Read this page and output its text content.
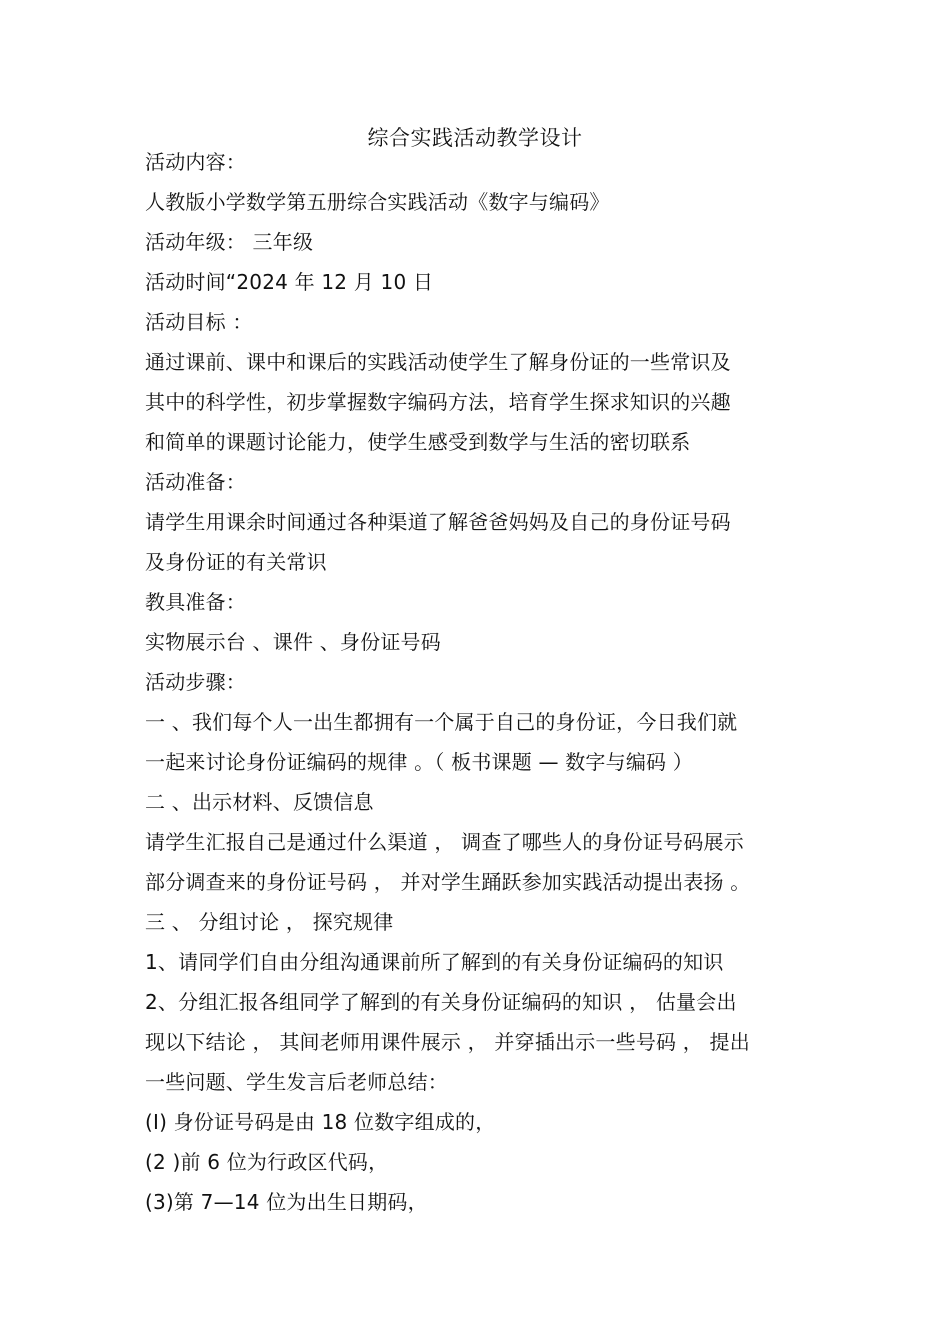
综合实践活动教学设计
活动内容：
人教版小学数学第五册综合实践活动《数字与编码》
活动年级： 三年级
活动时间“2024 年 12 月 10 日
活动目标 ：
通过课前、课中和课后的实践活动使学生了解身份证的一些常识及
其中的科学性，初步掌握数字编码方法，培育学生探求知识的兴趣
和简单的课题讨论能力，使学生感受到数学与生活的密切联系
活动准备：
请学生用课余时间通过各种渠道了解爸爸妈妈及自己的身份证号码
及身份证的有关常识
教具准备：
实物展示台 、课件 、身份证号码
活动步骤：
一 、我们每个人一出生都拥有一个属于自己的身份证，今日我们就
一起来讨论身份证编码的规律 。（ 板书课题 — 数字与编码 ）
二 、出示材料、反馈信息
请学生汇报自己是通过什么渠道 ， 调查了哪些人的身份证号码展示
部分调查来的身份证号码 ， 并对学生踊跃参加实践活动提出表扬 。
三 、 分组讨论 ， 探究规律
1、请同学们自由分组沟通课前所了解到的有关身份证编码的知识
2、分组汇报各组同学了解到的有关身份证编码的知识 ， 估量会出
现以下结论 ， 其间老师用课件展示 ， 并穿插出示一些号码 ， 提出
一些问题、学生发言后老师总结：
(I) 身份证号码是由 18 位数字组成的，
(2 )前 6 位为行政区代码，
(3)第 7—14 位为出生日期码，
